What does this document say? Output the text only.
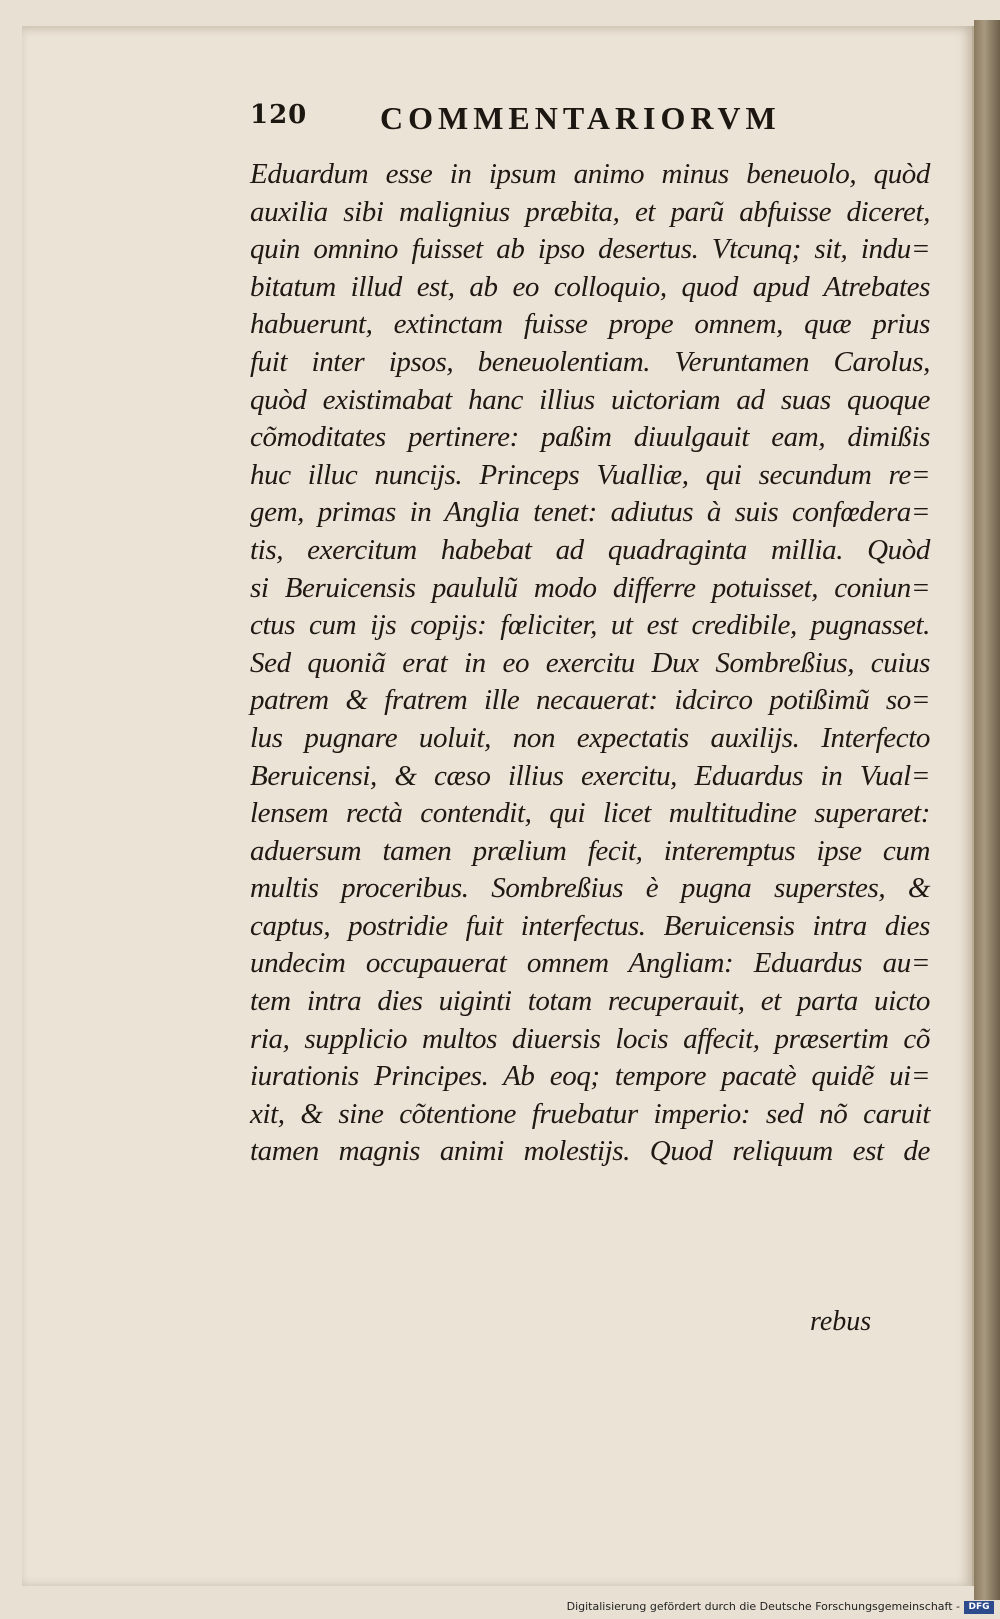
120 COMMENTARIORVM
Eduardum esse in ipsum animo minus beneuolo, quòd
auxilia sibi malignius præbita, et parũ abfuisse diceret,
quin omnino fuisset ab ipso desertus. Vtcunq; sit, indu=
bitatum illud est, ab eo colloquio, quod apud Atrebates
habuerunt, extinctam fuisse prope omnem, quæ prius
fuit inter ipsos, beneuolentiam. Veruntamen Carolus,
quòd existimabat hanc illius uictoriam ad suas quoque
cõmoditates pertinere: paßim diuulgauit eam, dimißis
huc illuc nuncijs. Princeps Vualliæ, qui secundum re=
gem, primas in Anglia tenet: adiutus à suis confœdera=
tis, exercitum habebat ad quadraginta millia. Quòd
si Beruicensis paululũ modo differre potuisset, coniun=
ctus cum ijs copijs: fœliciter, ut est credibile, pugnasset.
Sed quoniã erat in eo exercitu Dux Sombreßius, cuius
patrem & fratrem ille necauerat: idcirco potißimũ so=
lus pugnare uoluit, non expectatis auxilijs. Interfecto
Beruicensi, & cæso illius exercitu, Eduardus in Vual=
lensem rectà contendit, qui licet multitudine superaret:
aduersum tamen prælium fecit, interemptus ipse cum
multis proceribus. Sombreßius è pugna superstes, &
captus, postridie fuit interfectus. Beruicensis intra dies
undecim occupauerat omnem Angliam: Eduardus au=
tem intra dies uiginti totam recuperauit, et parta uicto
ria, supplicio multos diuersis locis affecit, præsertim cõ
iurationis Principes. Ab eoq; tempore pacatè quidẽ ui=
xit, & sine cõtentione fruebatur imperio: sed nõ caruit
tamen magnis animi molestijs. Quod reliquum est de
rebus
Digitalisierung gefördert durch die Deutsche Forschungsgemeinschaft - DFG
